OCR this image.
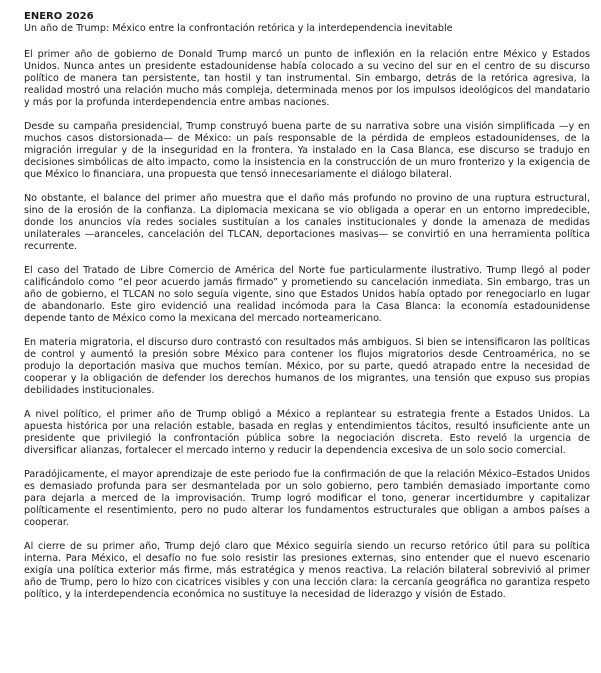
ENERO 2026

Un año de Trump: México entre la confrontación retórica y la interdependencia inevitable

El primer año de gobierno de Donald Trump marcó un punto de inflexión en la relación entre México y Estados Unidos. Nunca antes un presidente estadounidense había colocado a su vecino del sur en el centro de su discurso político de manera tan persistente, tan hostil y tan instrumental. Sin embargo, detrás de la retórica agresiva, la realidad mostró una relación mucho más compleja, determinada menos por los impulsos ideológicos del mandatario y más por la profunda interdependencia entre ambas naciones.

Desde su campaña presidencial, Trump construyó buena parte de su narrativa sobre una visión simplificada —y en muchos casos distorsionada— de México: un país responsable de la pérdida de empleos estadounidenses, de la migración irregular y de la inseguridad en la frontera. Ya instalado en la Casa Blanca, ese discurso se tradujo en decisiones simbólicas de alto impacto, como la insistencia en la construcción de un muro fronterizo y la exigencia de que México lo financiara, una propuesta que tensó innecesariamente el diálogo bilateral.

No obstante, el balance del primer año muestra que el daño más profundo no provino de una ruptura estructural, sino de la erosión de la confianza. La diplomacia mexicana se vio obligada a operar en un entorno impredecible, donde los anuncios vía redes sociales sustituían a los canales institucionales y donde la amenaza de medidas unilaterales —aranceles, cancelación del TLCAN, deportaciones masivas— se convirtió en una herramienta política recurrente.

El caso del Tratado de Libre Comercio de América del Norte fue particularmente ilustrativo. Trump llegó al poder calificándolo como “el peor acuerdo jamás firmado” y prometiendo su cancelación inmediata. Sin embargo, tras un año de gobierno, el TLCAN no solo seguía vigente, sino que Estados Unidos había optado por renegociarlo en lugar de abandonarlo. Este giro evidenció una realidad incómoda para la Casa Blanca: la economía estadounidense depende tanto de México como la mexicana del mercado norteamericano.

En materia migratoria, el discurso duro contrastó con resultados más ambiguos. Si bien se intensificaron las políticas de control y aumentó la presión sobre México para contener los flujos migratorios desde Centroamérica, no se produjo la deportación masiva que muchos temían. México, por su parte, quedó atrapado entre la necesidad de cooperar y la obligación de defender los derechos humanos de los migrantes, una tensión que expuso sus propias debilidades institucionales.

A nivel político, el primer año de Trump obligó a México a replantear su estrategia frente a Estados Unidos. La apuesta histórica por una relación estable, basada en reglas y entendimientos tácitos, resultó insuficiente ante un presidente que privilegió la confrontación pública sobre la negociación discreta. Esto reveló la urgencia de diversificar alianzas, fortalecer el mercado interno y reducir la dependencia excesiva de un solo socio comercial.

Paradójicamente, el mayor aprendizaje de este periodo fue la confirmación de que la relación México–Estados Unidos es demasiado profunda para ser desmantelada por un solo gobierno, pero también demasiado importante como para dejarla a merced de la improvisación. Trump logró modificar el tono, generar incertidumbre y capitalizar políticamente el resentimiento, pero no pudo alterar los fundamentos estructurales que obligan a ambos países a cooperar.

Al cierre de su primer año, Trump dejó claro que México seguiría siendo un recurso retórico útil para su política interna. Para México, el desafío no fue solo resistir las presiones externas, sino entender que el nuevo escenario exigía una política exterior más firme, más estratégica y menos reactiva. La relación bilateral sobrevivió al primer año de Trump, pero lo hizo con cicatrices visibles y con una lección clara: la cercanía geográfica no garantiza respeto político, y la interdependencia económica no sustituye la necesidad de liderazgo y visión de Estado.
